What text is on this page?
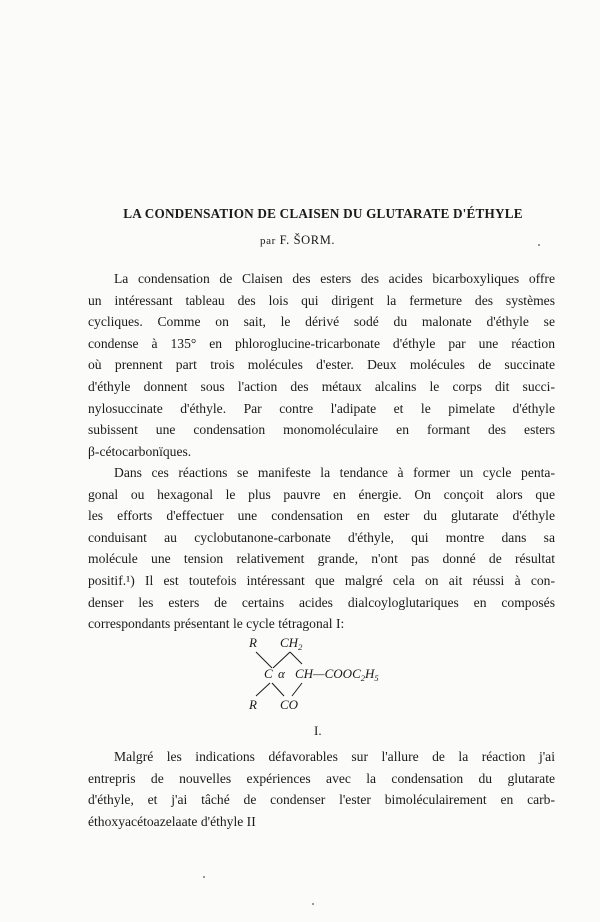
LA CONDENSATION DE CLAISEN DU GLUTARATE D'ÉTHYLE
par F. ŠORM.
La condensation de Claisen des esters des acides bicarboxyliques offre
un intéressant tableau des lois qui dirigent la fermeture des systèmes
cycliques. Comme on sait, le dérivé sodé du malonate d'éthyle se
condense à 135° en phloroglucine-tricarbonate d'éthyle par une réaction
où prennent part trois molécules d'ester. Deux molécules de succinate
d'éthyle donnent sous l'action des métaux alcalins le corps dit succi-
nylosuccinate d'éthyle. Par contre l'adipate et le pimelate d'éthyle
subissent une condensation monomoléculaire en formant des esters
β-cétocarbonïques.
Dans ces réactions se manifeste la tendance à former un cycle penta-
gonal ou hexagonal le plus pauvre en énergie. On conçoit alors que
les efforts d'effectuer une condensation en ester du glutarate d'éthyle
conduisant au cyclobutanone-carbonate d'éthyle, qui montre dans sa
molécule une tension relativement grande, n'ont pas donné de résultat
positif.¹) Il est toutefois intéressant que malgré cela on ait réussi à con-
denser les esters de certains acides dialcoyloglutariques en composés
correspondants présentant le cycle tétragonal I:
R $CH_2$
C α $CH—COOC_2H_5$
R CO
I.
Malgré les indications défavorables sur l'allure de la réaction j'ai
entrepris de nouvelles expériences avec la condensation du glutarate
d'éthyle, et j'ai tâché de condenser l'ester bimoléculairement en carb-
éthoxyacétoazelaate d'éthyle II
